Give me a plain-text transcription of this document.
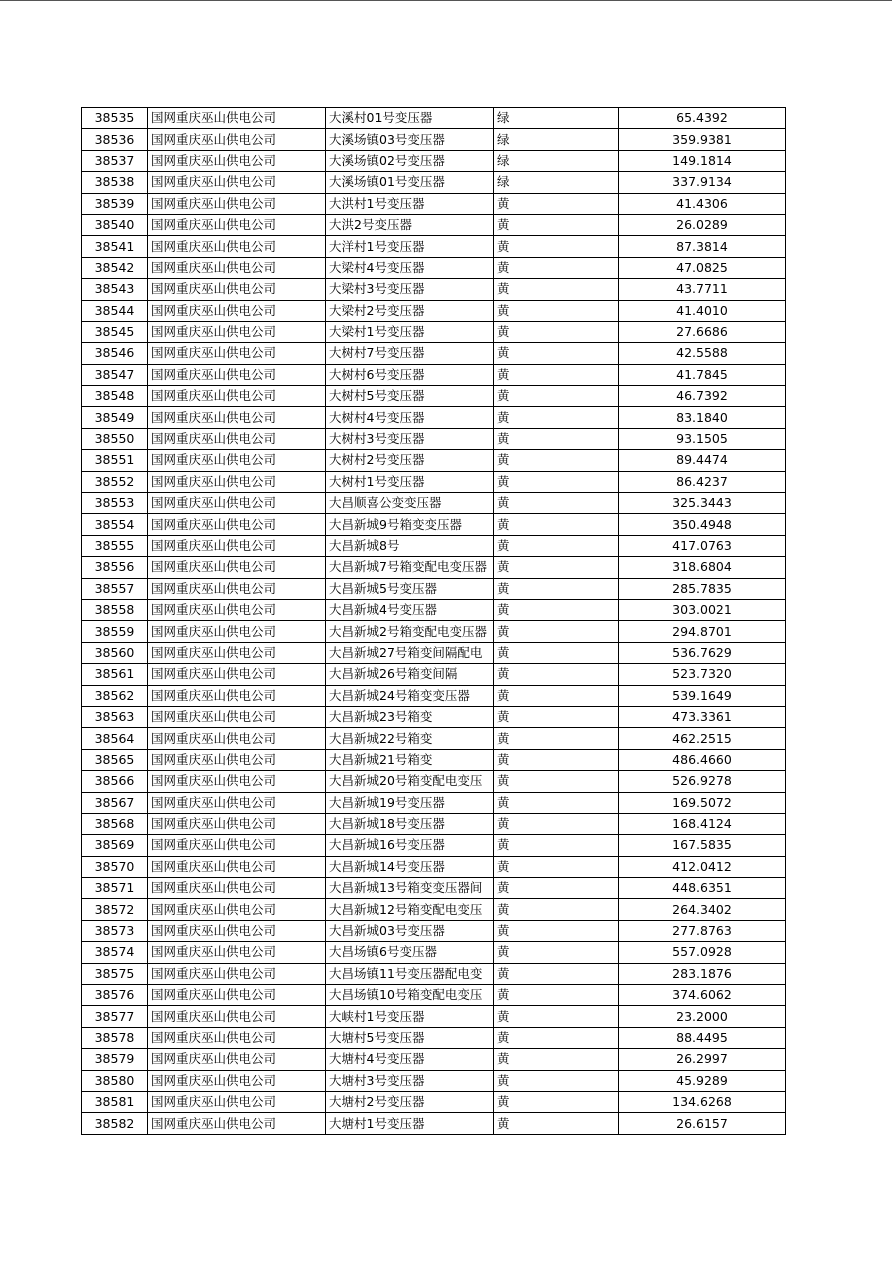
38535	国网重庆巫山供电公司	大溪村01号变压器	绿	65.4392
38536	国网重庆巫山供电公司	大溪场镇03号变压器	绿	359.9381
38537	国网重庆巫山供电公司	大溪场镇02号变压器	绿	149.1814
38538	国网重庆巫山供电公司	大溪场镇01号变压器	绿	337.9134
38539	国网重庆巫山供电公司	大洪村1号变压器	黄	41.4306
38540	国网重庆巫山供电公司	大洪2号变压器	黄	26.0289
38541	国网重庆巫山供电公司	大洋村1号变压器	黄	87.3814
38542	国网重庆巫山供电公司	大梁村4号变压器	黄	47.0825
38543	国网重庆巫山供电公司	大梁村3号变压器	黄	43.7711
38544	国网重庆巫山供电公司	大梁村2号变压器	黄	41.4010
38545	国网重庆巫山供电公司	大梁村1号变压器	黄	27.6686
38546	国网重庆巫山供电公司	大树村7号变压器	黄	42.5588
38547	国网重庆巫山供电公司	大树村6号变压器	黄	41.7845
38548	国网重庆巫山供电公司	大树村5号变压器	黄	46.7392
38549	国网重庆巫山供电公司	大树村4号变压器	黄	83.1840
38550	国网重庆巫山供电公司	大树村3号变压器	黄	93.1505
38551	国网重庆巫山供电公司	大树村2号变压器	黄	89.4474
38552	国网重庆巫山供电公司	大树村1号变压器	黄	86.4237
38553	国网重庆巫山供电公司	大昌顺喜公变变压器	黄	325.3443
38554	国网重庆巫山供电公司	大昌新城9号箱变变压器	黄	350.4948
38555	国网重庆巫山供电公司	大昌新城8号	黄	417.0763
38556	国网重庆巫山供电公司	大昌新城7号箱变配电变压器	黄	318.6804
38557	国网重庆巫山供电公司	大昌新城5号变压器	黄	285.7835
38558	国网重庆巫山供电公司	大昌新城4号变压器	黄	303.0021
38559	国网重庆巫山供电公司	大昌新城2号箱变配电变压器	黄	294.8701
38560	国网重庆巫山供电公司	大昌新城27号箱变间隔配电	黄	536.7629
38561	国网重庆巫山供电公司	大昌新城26号箱变间隔	黄	523.7320
38562	国网重庆巫山供电公司	大昌新城24号箱变变压器	黄	539.1649
38563	国网重庆巫山供电公司	大昌新城23号箱变	黄	473.3361
38564	国网重庆巫山供电公司	大昌新城22号箱变	黄	462.2515
38565	国网重庆巫山供电公司	大昌新城21号箱变	黄	486.4660
38566	国网重庆巫山供电公司	大昌新城20号箱变配电变压	黄	526.9278
38567	国网重庆巫山供电公司	大昌新城19号变压器	黄	169.5072
38568	国网重庆巫山供电公司	大昌新城18号变压器	黄	168.4124
38569	国网重庆巫山供电公司	大昌新城16号变压器	黄	167.5835
38570	国网重庆巫山供电公司	大昌新城14号变压器	黄	412.0412
38571	国网重庆巫山供电公司	大昌新城13号箱变变压器间	黄	448.6351
38572	国网重庆巫山供电公司	大昌新城12号箱变配电变压	黄	264.3402
38573	国网重庆巫山供电公司	大昌新城03号变压器	黄	277.8763
38574	国网重庆巫山供电公司	大昌场镇6号变压器	黄	557.0928
38575	国网重庆巫山供电公司	大昌场镇11号变压器配电变	黄	283.1876
38576	国网重庆巫山供电公司	大昌场镇10号箱变配电变压	黄	374.6062
38577	国网重庆巫山供电公司	大峡村1号变压器	黄	23.2000
38578	国网重庆巫山供电公司	大塘村5号变压器	黄	88.4495
38579	国网重庆巫山供电公司	大塘村4号变压器	黄	26.2997
38580	国网重庆巫山供电公司	大塘村3号变压器	黄	45.9289
38581	国网重庆巫山供电公司	大塘村2号变压器	黄	134.6268
38582	国网重庆巫山供电公司	大塘村1号变压器	黄	26.6157
